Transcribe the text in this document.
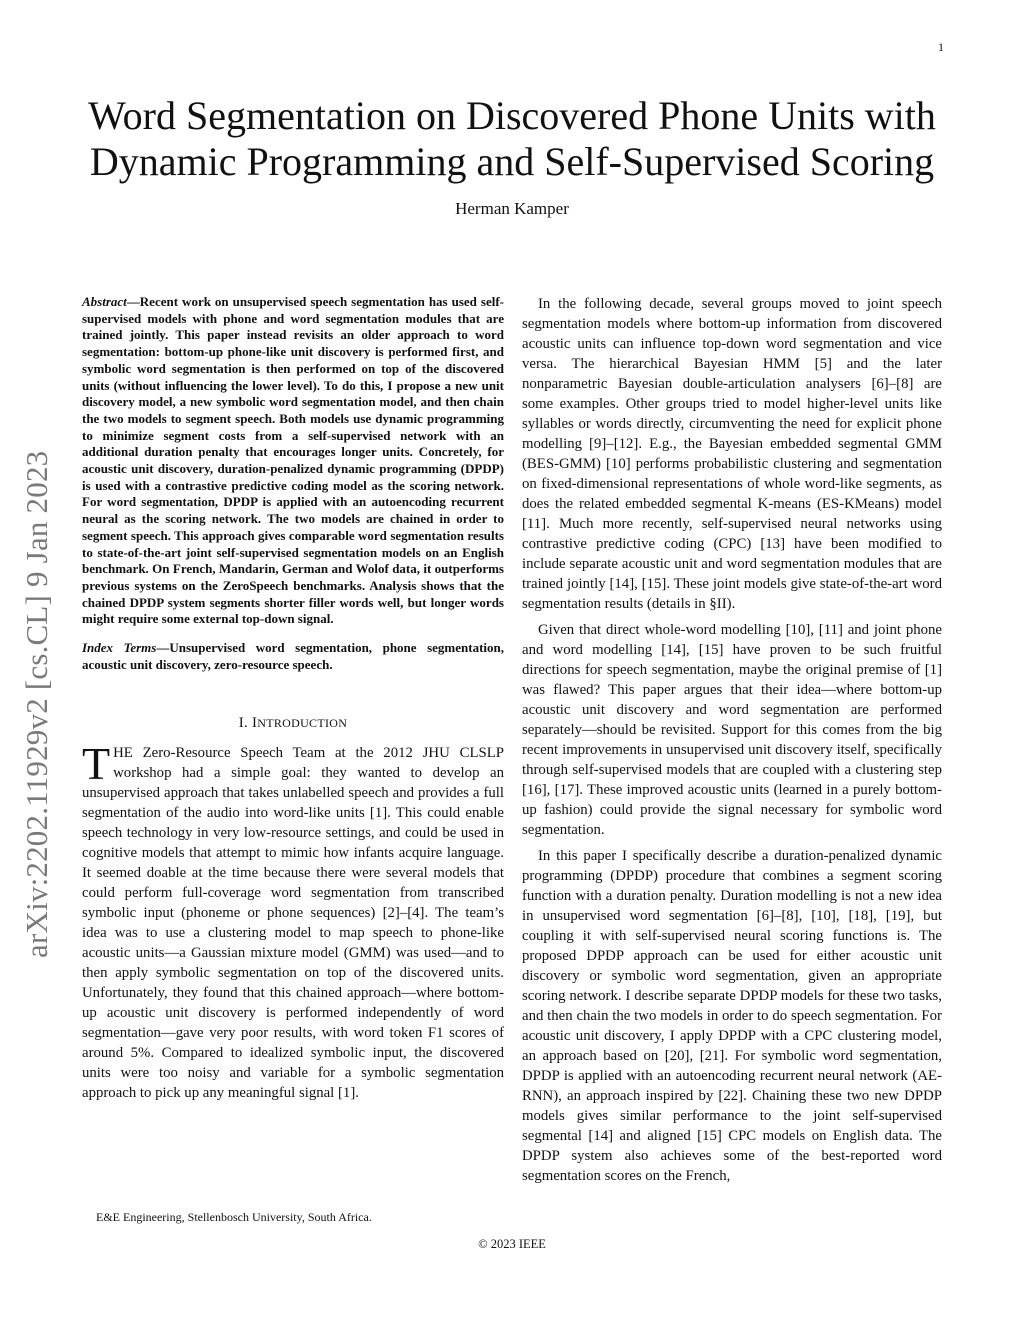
1
arXiv:2202.11929v2 [cs.CL] 9 Jan 2023
Word Segmentation on Discovered Phone Units with
Dynamic Programming and Self-Supervised Scoring
Herman Kamper

Abstract—Recent work on unsupervised speech segmentation has used self-supervised models with phone and word segmentation modules that are trained jointly. This paper instead revisits an older approach to word segmentation: bottom-up phone-like unit discovery is performed first, and symbolic word segmentation is then performed on top of the discovered units (without influencing the lower level). To do this, I propose a new unit discovery model, a new symbolic word segmentation model, and then chain the two models to segment speech. Both models use dynamic programming to minimize segment costs from a self-supervised network with an additional duration penalty that encourages longer units. Concretely, for acoustic unit discovery, duration-penalized dynamic programming (DPDP) is used with a contrastive predictive coding model as the scoring network. For word segmentation, DPDP is applied with an autoencoding recurrent neural as the scoring network. The two models are chained in order to segment speech. This approach gives comparable word segmentation results to state-of-the-art joint self-supervised segmentation models on an English benchmark. On French, Mandarin, German and Wolof data, it outperforms previous systems on the ZeroSpeech benchmarks. Analysis shows that the chained DPDP system segments shorter filler words well, but longer words might require some external top-down signal.

Index Terms—Unsupervised word segmentation, phone segmentation, acoustic unit discovery, zero-resource speech.

I. INTRODUCTION

THE Zero-Resource Speech Team at the 2012 JHU CLSLP workshop had a simple goal: they wanted to develop an unsupervised approach that takes unlabelled speech and provides a full segmentation of the audio into word-like units [1]. This could enable speech technology in very low-resource settings, and could be used in cognitive models that attempt to mimic how infants acquire language. It seemed doable at the time because there were several models that could perform full-coverage word segmentation from transcribed symbolic input (phoneme or phone sequences) [2]–[4]. The team’s idea was to use a clustering model to map speech to phone-like acoustic units—a Gaussian mixture model (GMM) was used—and to then apply symbolic segmentation on top of the discovered units. Unfortunately, they found that this chained approach—where bottom-up acoustic unit discovery is performed independently of word segmentation—gave very poor results, with word token F1 scores of around 5%. Compared to idealized symbolic input, the discovered units were too noisy and variable for a symbolic segmentation approach to pick up any meaningful signal [1].

In the following decade, several groups moved to joint speech segmentation models where bottom-up information from discovered acoustic units can influence top-down word segmentation and vice versa. The hierarchical Bayesian HMM [5] and the later nonparametric Bayesian double-articulation analysers [6]–[8] are some examples. Other groups tried to model higher-level units like syllables or words directly, circumventing the need for explicit phone modelling [9]–[12]. E.g., the Bayesian embedded segmental GMM (BES-GMM) [10] performs probabilistic clustering and segmentation on fixed-dimensional representations of whole word-like segments, as does the related embedded segmental K-means (ES-KMeans) model [11]. Much more recently, self-supervised neural networks using contrastive predictive coding (CPC) [13] have been modified to include separate acoustic unit and word segmentation modules that are trained jointly [14], [15]. These joint models give state-of-the-art word segmentation results (details in §II).

Given that direct whole-word modelling [10], [11] and joint phone and word modelling [14], [15] have proven to be such fruitful directions for speech segmentation, maybe the original premise of [1] was flawed? This paper argues that their idea—where bottom-up acoustic unit discovery and word segmentation are performed separately—should be revisited. Support for this comes from the big recent improvements in unsupervised unit discovery itself, specifically through self-supervised models that are coupled with a clustering step [16], [17]. These improved acoustic units (learned in a purely bottom-up fashion) could provide the signal necessary for symbolic word segmentation.

In this paper I specifically describe a duration-penalized dynamic programming (DPDP) procedure that combines a segment scoring function with a duration penalty. Duration modelling is not a new idea in unsupervised word segmentation [6]–[8], [10], [18], [19], but coupling it with self-supervised neural scoring functions is. The proposed DPDP approach can be used for either acoustic unit discovery or symbolic word segmentation, given an appropriate scoring network. I describe separate DPDP models for these two tasks, and then chain the two models in order to do speech segmentation. For acoustic unit discovery, I apply DPDP with a CPC clustering model, an approach based on [20], [21]. For symbolic word segmentation, DPDP is applied with an autoencoding recurrent neural network (AE-RNN), an approach inspired by [22]. Chaining these two new DPDP models gives similar performance to the joint self-supervised segmental [14] and aligned [15] CPC models on English data. The DPDP system also achieves some of the best-reported word segmentation scores on the French,

E&E Engineering, Stellenbosch University, South Africa.
© 2023 IEEE
